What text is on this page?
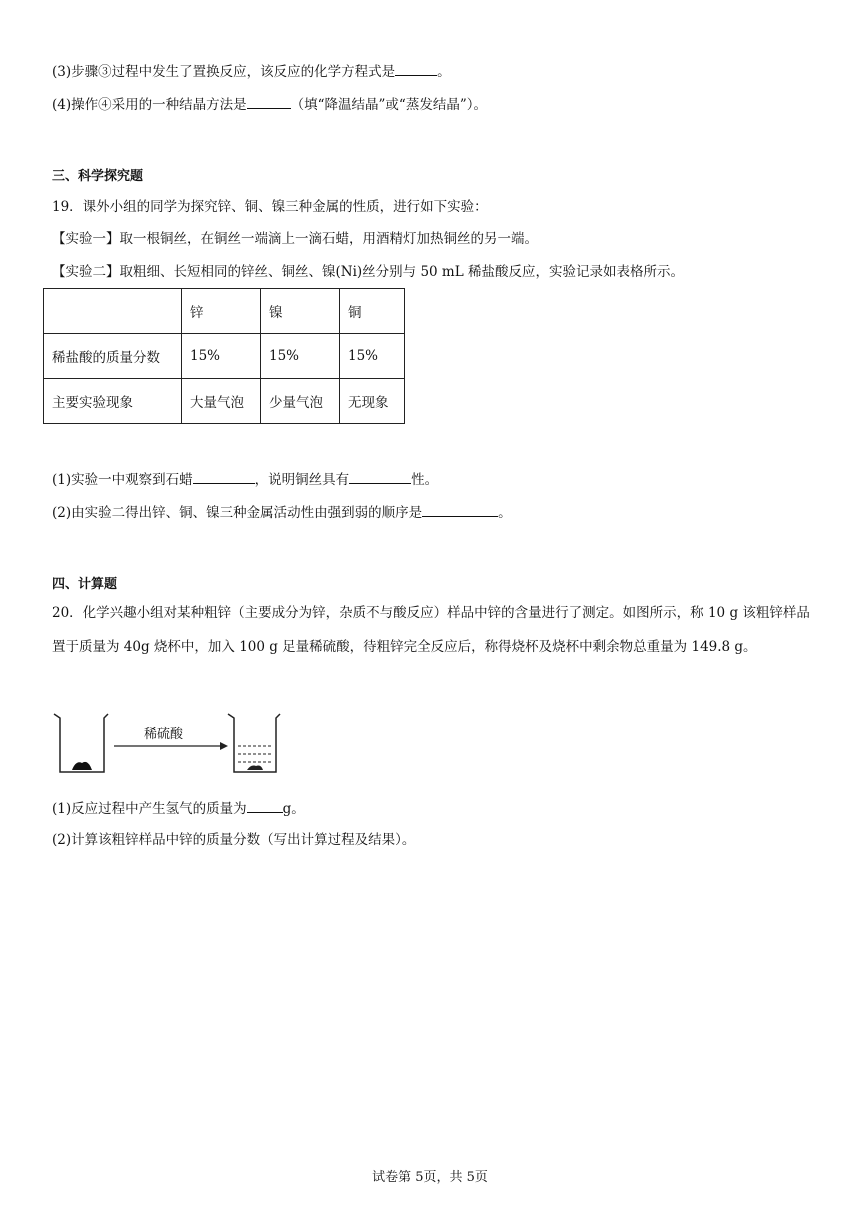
(3)步骤③过程中发生了置换反应，该反应的化学方程式是	。
(4)操作④采用的一种结晶方法是	（填“降温结晶”或“蒸发结晶”）。
三、科学探究题
19．课外小组的同学为探究锌、铜、镍三种金属的性质，进行如下实验：
【实验一】取一根铜丝，在铜丝一端滴上一滴石蜡，用酒精灯加热铜丝的另一端。
【实验二】取粗细、长短相同的锌丝、铜丝、镍(Ni)丝分别与 50 mL 稀盐酸反应，实验记录如表格所示。
	锌	镍	铜
稀盐酸的质量分数	15%	15%	15%
主要实验现象	大量气泡	少量气泡	无现象
(1)实验一中观察到石蜡	，说明铜丝具有	性。
(2)由实验二得出锌、铜、镍三种金属活动性由强到弱的顺序是	。
四、计算题
20．化学兴趣小组对某种粗锌（主要成分为锌，杂质不与酸反应）样品中锌的含量进行了测定。如图所示，称 10 g 该粗锌样品置于质量为 40g 烧杯中，加入 100 g 足量稀硫酸，待粗锌完全反应后，称得烧杯及烧杯中剩余物总重量为 149.8 g。
稀硫酸
(1)反应过程中产生氢气的质量为	g。
(2)计算该粗锌样品中锌的质量分数（写出计算过程及结果）。
试卷第 5页，共 5页
